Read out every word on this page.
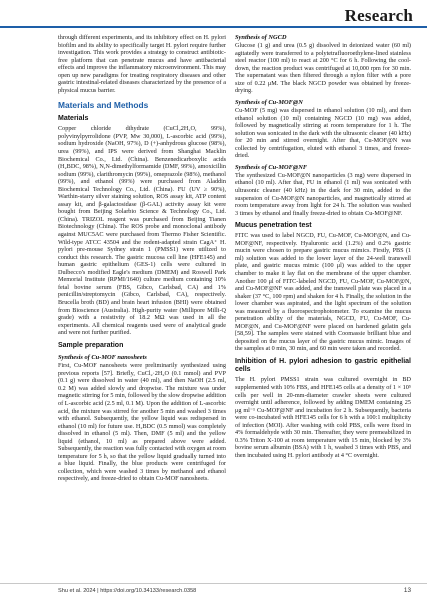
Research

through different experiments, and its inhibitory effect on H. pylori biofilm and its ability to specifically target H. pylori require further investigation. This work provides a strategy to construct antibiotic-free platform that can penetrate mucus and have antibacterial effects and improve the inflammatory microenvironment. This may open up new paradigms for treating respiratory diseases and other gastric intestinal-related diseases characterized by the presence of a physical mucus barrier.

Materials and Methods
Materials

Copper chloride dihydrate (CuCl₂2H₂O, 99%), polyvinylpyrrolidone (PVP, Mw 30,000), L-ascorbic acid (99%), sodium hydroxide (NaOH, 97%), D (+)-anhydrous glucose (98%), urea (99%), and IPS were derived from Shanghai Macklin Biochemical Co., Ltd. (China). Benzenedicarboxylic acids (H₂BDC, 98%), N,N-dimethylformamide (DMF, 99%), amoxicillin sodium (99%), clarithromycin (99%), omeprazole (98%), methanol (99%), and ethanol (99%) were purchased from Aladdin Biochemical Technology Co., Ltd. (China). FU (UV ≥ 90%), Warthin-starry silver staining solution, ROS assay kit, ATP content assay kit, and β-galactosidase (β-GAL) activity assay kit were bought from Beijing Solarbio Science & Technology Co., Ltd. (China). TRIZOL reagent was purchased from Beijing Tianen Biotechnology (China). The ROS probe and monoclonal antibody against MUC5AC were purchased from Thermo Fisher Scientific. Wild-type ATCC 43504 and the rodent-adapted strain CagA⁺ H. pylori pre-mouse Sydney strain 1 (PMSS1) were utilized to conduct this research. The gastric mucosa cell line (HFE145) and human gastric epithelium (GES-1) cells were cultured in Dulbecco's modified Eagle's medium (DMEM) and Roswell Park Memorial Institute (RPMI/1640) culture medium containing 10% fetal bovine serum (FBS, Gibco, Carlsbad, CA) and 1% penicillin/streptomycin (Gibco, Carlsbad, CA), respectively. Brucella broth (BD) and brain heart infusion (BHI) were obtained from Bioscience (Australia). High-purity water (Millipore Milli-Q grade) with a resistivity of 18.2 MΩ was used in all the experiments. All chemical reagents used were of analytical grade and were not further purified.

Sample preparation
Synthesis of Cu-MOF nanosheets

First, Cu-MOF nanosheets were preliminarily synthesized using previous reports [57]. Briefly, CuCl₂·2H₂O (0.1 mmol) and PVP (0.1 g) were dissolved in water (40 ml), and then NaOH (2.5 ml, 0.2 M) was added slowly and dropwise. The mixture was under magnetic stirring for 5 min, followed by the slow dropwise addition of L-ascorbic acid (2.5 ml, 0.1 M). Upon the addition of L-ascorbic acid, the mixture was stirred for another 5 min and washed 3 times with ethanol. Subsequently, the yellow liquid was redispersed in ethanol (10 ml) for future use. H₂BDC (0.5 mmol) was completely dissolved in ethanol (5 ml). Then, DMF (5 ml) and the yellow liquid (ethanol, 10 ml) as prepared above were added. Subsequently, the reaction was fully contacted with oxygen at room temperature for 5 h, so that the yellow liquid gradually turned into a blue liquid. Finally, the blue products were centrifuged for collection, which were washed 3 times by methanol and ethanol respectively, and freeze-dried to obtain Cu-MOF nanosheets.

Synthesis of NGCD

Glucose (1 g) and urea (0.5 g) dissolved in deionized water (60 ml) agitatedly were transferred to a polytetrafluoroethylene-lined stainless steel reactor (100 ml) to react at 200 °C for 6 h. Following the cool-down, the reaction product was centrifuged at 10,000 rpm for 30 min. The supernatant was then filtered through a nylon filter with a pore size of 0.22 μM. The black NGCD powder was obtained by freeze-drying.

Synthesis of Cu-MOF@N

Cu-MOF (5 mg) was dispersed in ethanol solution (10 ml), and then ethanol solution (10 ml) containing NGCD (10 mg) was added, followed by magnetically stirring at room temperature for 1 h. The solution was sonicated in the dark with the ultrasonic cleaner (40 kHz) for 20 min and stirred overnight. After that, Cu-MOF@N was collected by centrifugation, eluted with ethanol 3 times, and freeze-dried.

Synthesis of Cu-MOF@NF

The synthesized Cu-MOF@N nanoparticles (3 mg) were dispersed in ethanol (10 ml). After that, FU in ethanol (1 ml) was sonicated with ultrasonic cleaner (40 kHz) in the dark for 30 min, added to the suspension of Cu-MOF@N nanoparticles, and magnetically stirred at room temperature away from light for 24 h. The solution was washed 3 times by ethanol and finally freeze-dried to obtain Cu-MOF@NF.

Mucus penetration test

FITC was used to label NGCD, FU, Cu-MOF, Cu-MOF@N, and Cu-MOF@NF, respectively. Hyaluronic acid (1.2%) and 0.2% gastric mucin were chosen to prepare gastric mucus mimics. Firstly, PBS (1 ml) solution was added to the lower layer of the 24-well transwell plate, and gastric mucus mimic (100 μl) was added to the upper chamber to make it lay flat on the membrane of the upper chamber. Another 100 μl of FITC-labeled NGCD, FU, Cu-MOF, Cu-MOF@N, and Cu-MOF@NF was added, and the transwell plate was placed in a shaker (37 °C, 100 rpm) and shaken for 4 h. Finally, the solution in the lower chamber was aspirated, and the light spectrum of the solution was measured by a fluorospectrophotometer. To examine the mucus penetration ability of the materials, NGCD, FU, Cu-MOF, Cu-MOF@N, and Cu-MOF@NF were placed on hardened gelatin gels [58,59]. The samples were stained with Coomassie brilliant blue and deposited on the mucus layer of the gastric mucus mimic. Images of the samples at 0 min, 30 min, and 60 min were taken and recorded.

Inhibition of H. pylori adhesion to gastric epithelial cells

The H. pylori PMSS1 strain was cultured overnight in BD supplemented with 10% FBS, and HFE145 cells at a density of 1 × 10⁵ cells per well in 20-mm-diameter crawler sheets were cultured overnight until adherence, followed by adding DMEM containing 25 μg ml⁻¹ Cu-MOF@NF and incubation for 2 h. Subsequently, bacteria were co-incubated with HFE145 cells for 6 h with a 100:1 multiplicity of infection (MOI). After washing with cold PBS, cells were fixed in 4% formaldehyde with 30 min. Thereafter, they were premeabilized in 0.3% Triton X-100 at room temperature with 15 min, blocked by 3% bovine serum albumin (BSA) with 1 h, washed 3 times with PBS, and then incubated using H. pylori antibody at 4 °C overnight.

Shu et al. 2024 | https://doi.org/10.34133/research.0358	13
